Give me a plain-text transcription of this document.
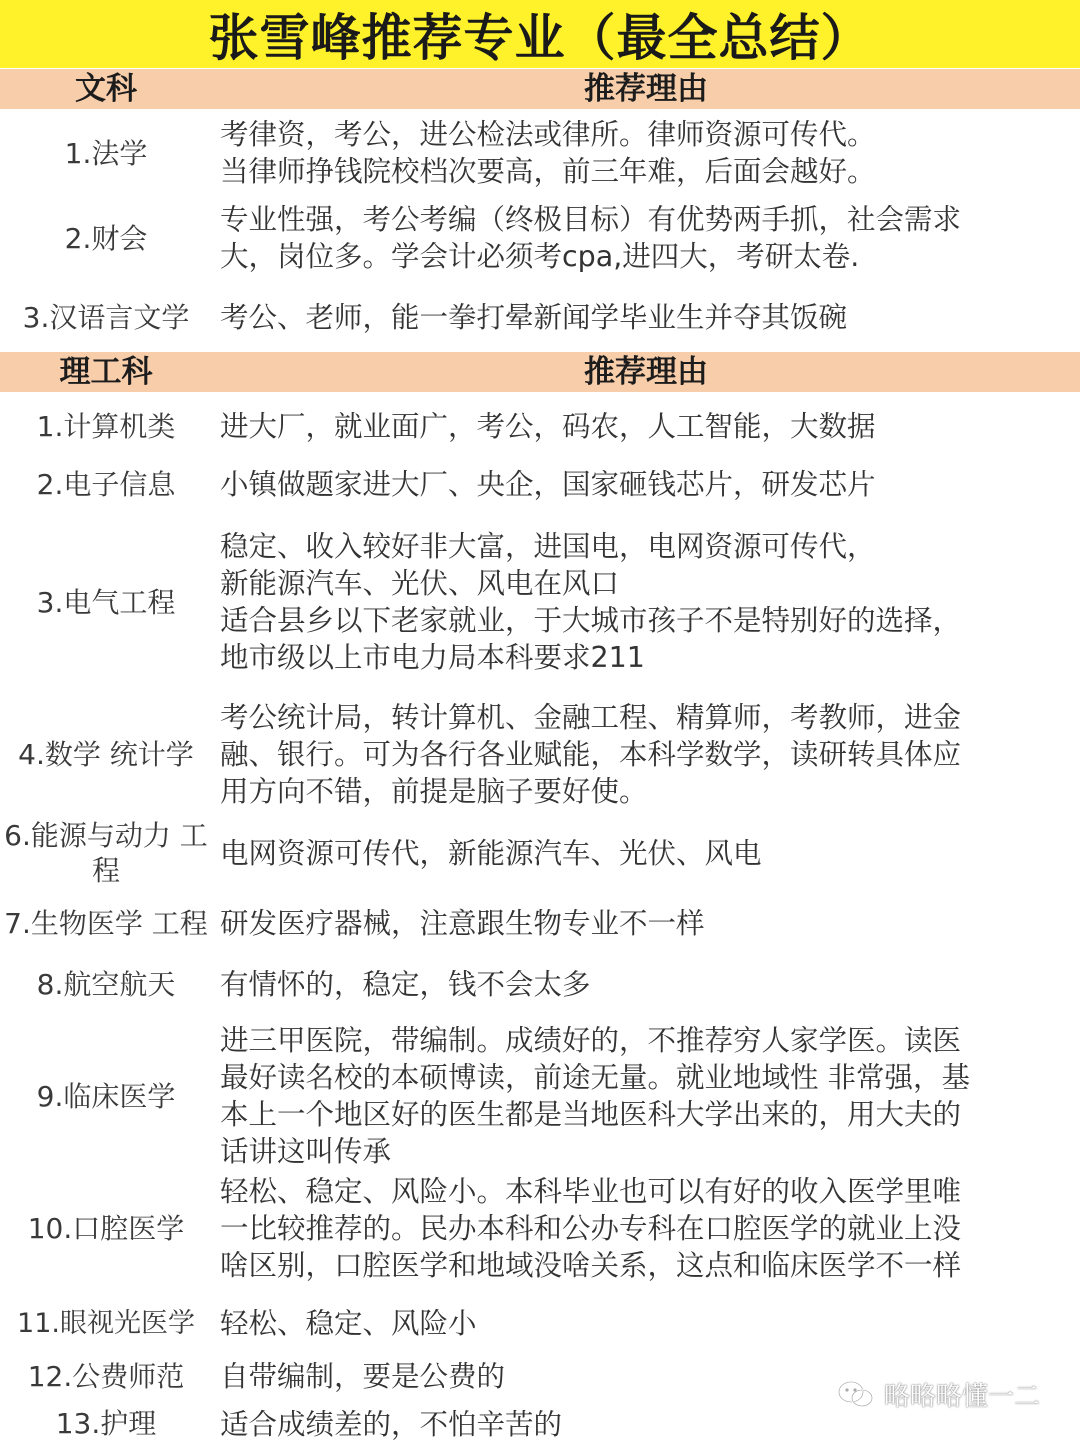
张雪峰推荐专业（最全总结）
文科	推荐理由
1.法学
考律资，考公，进公检法或律所。律师资源可传代。
当律师挣钱院校档次要高，前三年难，后面会越好。
2.财会
专业性强，考公考编（终极目标）有优势两手抓，社会需求
大，岗位多。学会计必须考cpa,进四大，考研太卷.
3.汉语言文学 考公、老师，能一拳打晕新闻学毕业生并夺其饭碗
理工科	推荐理由
1.计算机类 进大厂，就业面广，考公，码农，人工智能，大数据
2.电子信息 小镇做题家进大厂、央企，国家砸钱芯片，研发芯片
3.电气工程
稳定、收入较好非大富，进国电，电网资源可传代，
新能源汽车、光伏、风电在风口
适合县乡以下老家就业，于大城市孩子不是特别好的选择，
地市级以上市电力局本科要求211
4.数学 统计学
考公统计局，转计算机、金融工程、精算师，考教师，进金
融、银行。可为各行各业赋能，本科学数学，读研转具体应
用方向不错，前提是脑子要好使。
6.能源与动力 工程
电网资源可传代，新能源汽车、光伏、风电
7.生物医学 工程 研发医疗器械，注意跟生物专业不一样
8.航空航天 有情怀的，稳定，钱不会太多
9.临床医学
进三甲医院，带编制。成绩好的，不推荐穷人家学医。读医
最好读名校的本硕博读，前途无量。就业地域性 非常强，基
本上一个地区好的医生都是当地医科大学出来的，用大夫的
话讲这叫传承
10.口腔医学
轻松、稳定、风险小。本科毕业也可以有好的收入医学里唯
一比较推荐的。民办本科和公办专科在口腔医学的就业上没
啥区别，口腔医学和地域没啥关系，这点和临床医学不一样
11.眼视光医学 轻松、稳定、风险小
12.公费师范 自带编制，要是公费的
13.护理 适合成绩差的，不怕辛苦的
略略略懂一二
